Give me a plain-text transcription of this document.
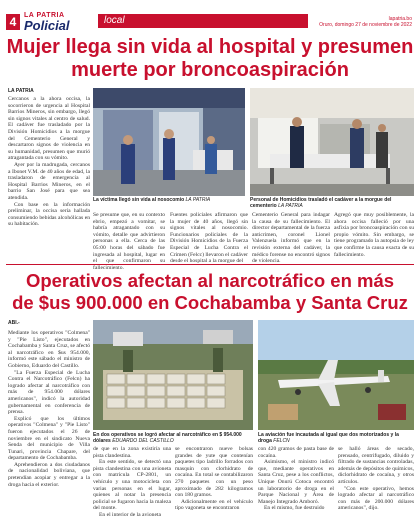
4	LA PATRIA
Policial	local	lapatria.bo
Oruro, domingo 27 de noviembre de 2022
Mujer llega sin vida al hospital y presumen
muerte por broncoaspiración
LA PATRIA

Cercanos a la ahora occisa, la socorrieron de urgencia al Hospital Barrios Mineros, sin embargo, llegó sin signos vitales al centro de salud. El cadáver fue trasladado por la División Homicidios a la morgue del Cementerio General y descartaron signos de violencia en su humanidad, presumen que murió atragantada con su vómito.

Ayer por la madrugada, cercanos a Ibonet V.M. de 40 años de edad, la trasladaron de emergencia al Hospital Barrios Mineros, en el barrio San José para que sea atendida.

Con base en la información preliminar, la occisa sería hallada consumiendo bebidas alcohólicas en su habitación.

La víctima llegó sin vida al nosocomio LA PATRIA	Personal de Homicidios trasladó el cadáver a la morgue del cementerio LA PATRIA
Se presume que, en su contexto ebrio, empezó a vomitar, se habría atragantado con su vómito, detalle que advirtieron personas a ella. Cerca de las 05:00 horas del sábado fue ingresada al hospital, lugar en el que confirmaron su fallecimiento.
Fuentes policiales afirmaron que la mujer de 40 años, llegó sin signos vitales al nosocomio. Funcionarios policiales de la División Homicidios de la Fuerza Especial de Lucha Contra el Crimen (Felcc) llevaron el cadáver desde el hospital a la morgue del
Cementerio General para indagar la causa de su fallecimiento. El director departamental de la fuerza anticrimen, coronel Lionel Valenzuela informó que en la revisión externa del cadáver, la médico forense no encontró signos de violencia.
Agregó que muy posiblemente, la ahora occisa falleció por una asfixia por broncoaspiración con su propio vómito. Sin embargo, se tiene programado la autopsia de ley que confirme la causa exacta de su fallecimiento.
Operativos afectan al narcotráfico en más
de $us 900.000 en Cochabamba y Santa Cruz
ABI.-

Mediante los operativos "Colmena" y "Pie Listo", ejecutados en Cochabamba y Santa Cruz, se afectó al narcotráfico en $us 954.000, informó este sábado el ministro de Gobierno, Eduardo del Castillo.

"La Fuerza Especial de Lucha Contra el Narcotráfico (Felcn) ha logrado afectar al narcotráfico con más de 954.000 dólares americanos", indicó la autoridad gubernamental en conferencia de prensa.

Explicó que los últimos operativos "Colmena" y "Pie Listo" fueron ejecutados el 26 de noviembre en el sindicato Nueva Senda del municipio de Villa Tunari, provincia Chapare, del departamento de Cochabamba.

Aprehendieron a dos ciudadanos de nacionalidad boliviana, que pretendían acopiar y entregar a la droga hacia el exterior.

En dos operativos se logró afectar al narcotráfico en $ 954.000 dólares EDUARDO DEL CASTILLO
La aviación fue incautada al igual que dos motorizados y la droga FELCN

de que en la zona existiría una pista clandestina.

En este sentido, se detectó una pista clandestina con una avioneta con matrícula CP-2801, un vehículo y una motocicleta con varias personas en el lugar, quienes al notar la presencia policial se fugaron hacia la maleza del monte.

En el interior de la avioneta

se encontraron nueve bolsas grandes de yute que contenían paquetes tipo ladrillo forrados con masquin con clorhidrato de cocaína. En total se contabilizaron 270 paquetes con un peso aproximado de 282 kilogramos con 180 gramos.

Adicionalmente en el vehículo tipo vagoneta se encontraron

con 420 gramos de pasta base de cocaína.

Asimismo, el ministro indicó que, mediante operativos en Santa Cruz, pese a los conflictos, Unique Onurú Cotoca encontró un laboratorio de droga en el Parque Nacional y Área de Manejo Integrado Amboró.

En el mismo, fue destruido

se halló áreas de secado, prensado, centrifugado, diluido y filtrado de sustancias controladas, además de depósitos de químicos, diclorhidrato de cocaína, y otros artículos.

"Con este operativo, hemos logrado afectar al narcotráfico con más de 200.000 dólares americanos", dijo.
